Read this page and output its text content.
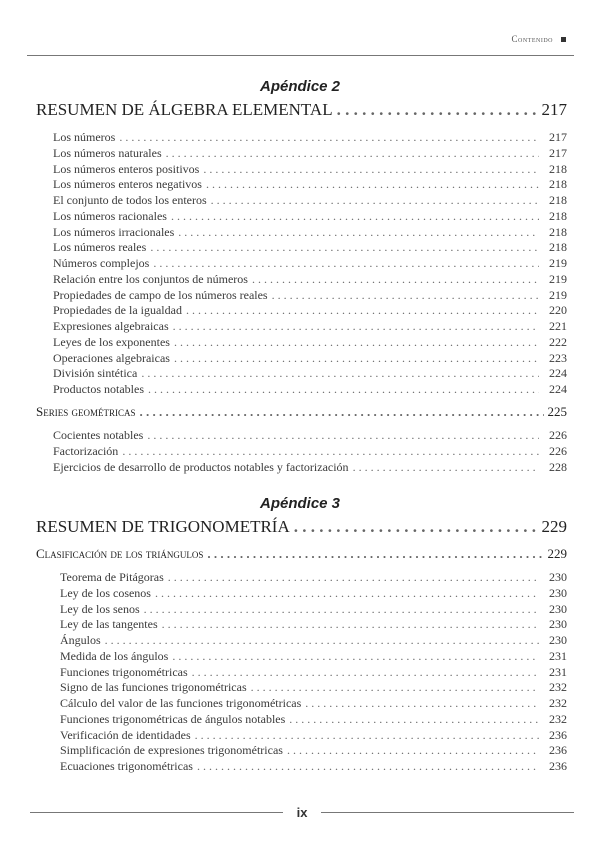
Contenido
Apéndice 2
RESUMEN DE ÁLGEBRA ELEMENTAL . . .	217
Los números . . .	217
Los números naturales . . .	217
Los números enteros positivos . . .	218
Los números enteros negativos . . .	218
El conjunto de todos los enteros . . .	218
Los números racionales . . .	218
Los números irracionales . . .	218
Los números reales . . .	218
Números complejos . . .	219
Relación entre los conjuntos de números . . .	219
Propiedades de campo de los números reales . . .	219
Propiedades de la igualdad . . .	220
Expresiones algebraicas . . .	221
Leyes de los exponentes . . .	222
Operaciones algebraicas . . .	223
División sintética . . .	224
Productos notables . . .	224
Series geométricas . . .	225
Cocientes notables . . .	226
Factorización . . .	226
Ejercicios de desarrollo de productos notables y factorización . . .	228
Apéndice 3
RESUMEN DE TRIGONOMETRÍA . . .	229
Clasificación de los triángulos . . .	229
Teorema de Pitágoras . . .	230
Ley de los cosenos . . .	230
Ley de los senos . . .	230
Ley de las tangentes . . .	230
Ángulos . . .	230
Medida de los ángulos . . .	231
Funciones trigonométricas . . .	231
Signo de las funciones trigonométricas . . .	232
Cálculo del valor de las funciones trigonométricas . . .	232
Funciones trigonométricas de ángulos notables . . .	232
Verificación de identidades . . .	236
Simplificación de expresiones trigonométricas . . .	236
Ecuaciones trigonométricas . . .	236
ix
